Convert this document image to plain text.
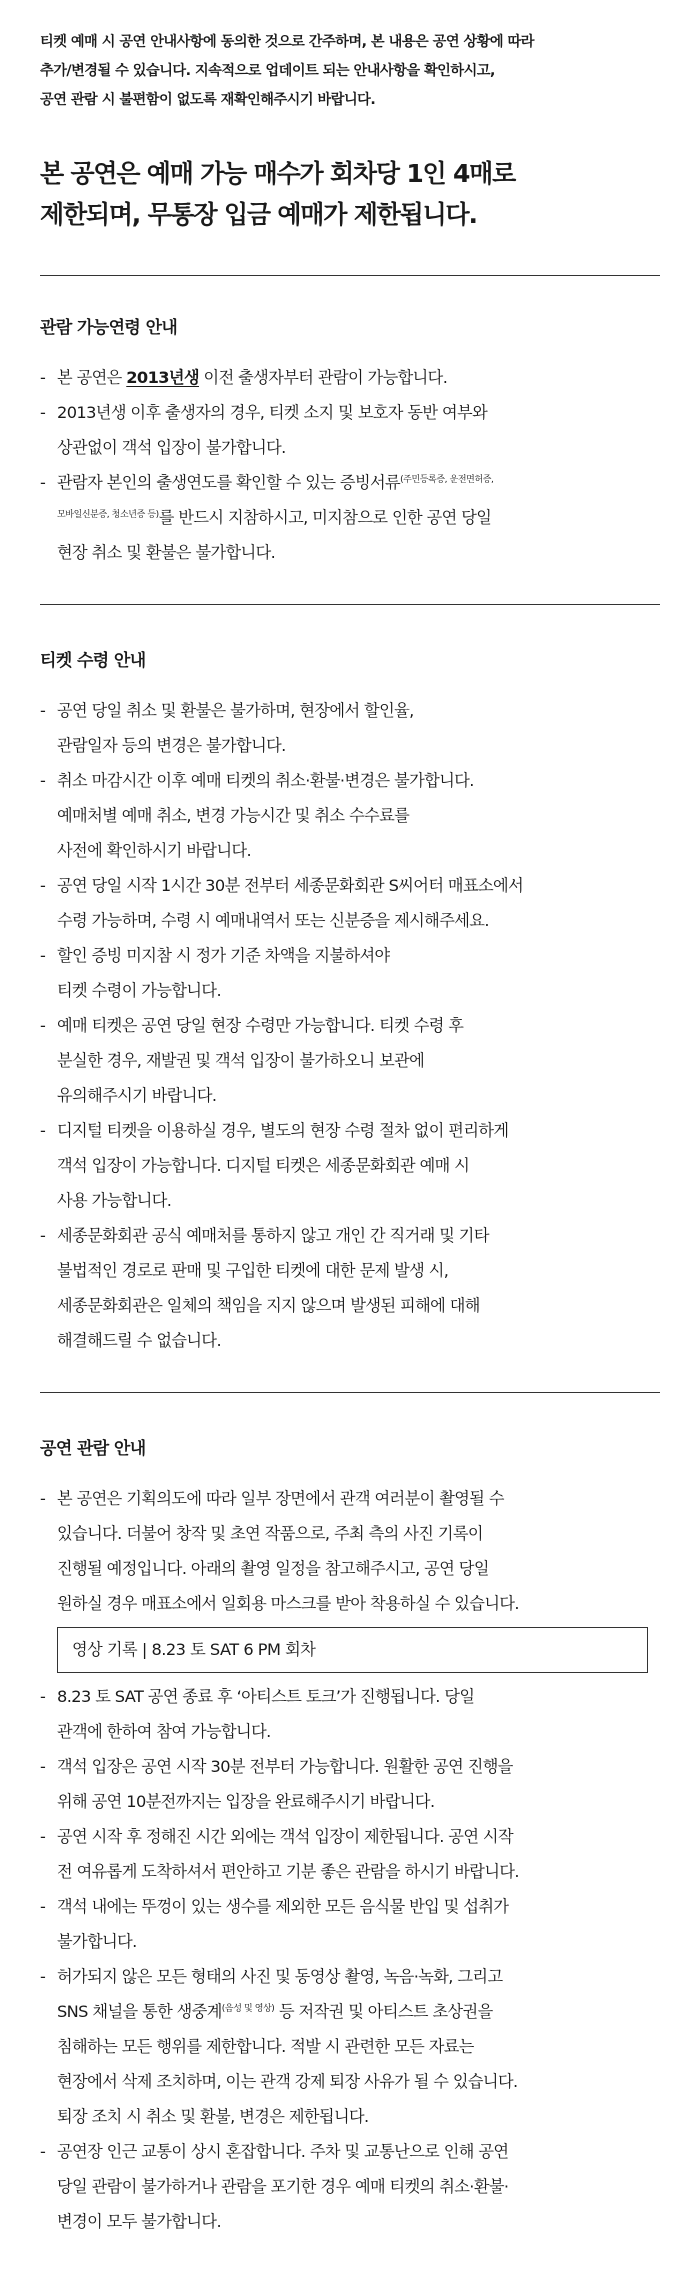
티켓 예매 시 공연 안내사항에 동의한 것으로 간주하며, 본 내용은 공연 상황에 따라

추가/변경될 수 있습니다. 지속적으로 업데이트 되는 안내사항을 확인하시고,

공연 관람 시 불편함이 없도록 재확인해주시기 바랍니다.

본 공연은 예매 가능 매수가 회차당 1인 4매로

제한되며, 무통장 입금 예매가 제한됩니다.

관람 가능연령 안내
- 본 공연은 2013년생 이전 출생자부터 관람이 가능합니다.
- 2013년생 이후 출생자의 경우, 티켓 소지 및 보호자 동반 여부와
상관없이 객석 입장이 불가합니다.
- 관람자 본인의 출생연도를 확인할 수 있는 증빙서류$^{(주민등록증, 운전면허증,}$
$^{모바일신분증, 청소년증 등)}$를 반드시 지참하시고, 미지참으로 인한 공연 당일
현장 취소 및 환불은 불가합니다.
티켓 수령 안내
- 공연 당일 취소 및 환불은 불가하며, 현장에서 할인율,
관람일자 등의 변경은 불가합니다.
- 취소 마감시간 이후 예매 티켓의 취소·환불·변경은 불가합니다.
예매처별 예매 취소, 변경 가능시간 및 취소 수수료를
사전에 확인하시기 바랍니다.
- 공연 당일 시작 1시간 30분 전부터 세종문화회관 S씨어터 매표소에서
수령 가능하며, 수령 시 예매내역서 또는 신분증을 제시해주세요.
- 할인 증빙 미지참 시 정가 기준 차액을 지불하셔야
티켓 수령이 가능합니다.
- 예매 티켓은 공연 당일 현장 수령만 가능합니다. 티켓 수령 후
분실한 경우, 재발권 및 객석 입장이 불가하오니 보관에
유의해주시기 바랍니다.
- 디지털 티켓을 이용하실 경우, 별도의 현장 수령 절차 없이 편리하게
객석 입장이 가능합니다. 디지털 티켓은 세종문화회관 예매 시
사용 가능합니다.
- 세종문화회관 공식 예매처를 통하지 않고 개인 간 직거래 및 기타
불법적인 경로로 판매 및 구입한 티켓에 대한 문제 발생 시,
세종문화회관은 일체의 책임을 지지 않으며 발생된 피해에 대해
해결해드릴 수 없습니다.
공연 관람 안내
- 본 공연은 기획의도에 따라 일부 장면에서 관객 여러분이 촬영될 수
있습니다. 더불어 창작 및 초연 작품으로, 주최 측의 사진 기록이
진행될 예정입니다. 아래의 촬영 일정을 참고해주시고, 공연 당일
원하실 경우 매표소에서 일회용 마스크를 받아 착용하실 수 있습니다.
영상 기록 | 8.23 토 SAT 6 PM 회차
- 8.23 토 SAT 공연 종료 후 ‘아티스트 토크’가 진행됩니다. 당일
관객에 한하여 참여 가능합니다.
- 객석 입장은 공연 시작 30분 전부터 가능합니다. 원활한 공연 진행을
위해 공연 10분전까지는 입장을 완료해주시기 바랍니다.
- 공연 시작 후 정해진 시간 외에는 객석 입장이 제한됩니다. 공연 시작
전 여유롭게 도착하셔서 편안하고 기분 좋은 관람을 하시기 바랍니다.
- 객석 내에는 뚜껑이 있는 생수를 제외한 모든 음식물 반입 및 섭취가
불가합니다.
- 허가되지 않은 모든 형태의 사진 및 동영상 촬영, 녹음·녹화, 그리고
SNS 채널을 통한 생중계$^{(음성 및 영상)}$ 등 저작권 및 아티스트 초상권을
침해하는 모든 행위를 제한합니다. 적발 시 관련한 모든 자료는
현장에서 삭제 조치하며, 이는 관객 강제 퇴장 사유가 될 수 있습니다.
퇴장 조치 시 취소 및 환불, 변경은 제한됩니다.
- 공연장 인근 교통이 상시 혼잡합니다. 주차 및 교통난으로 인해 공연
당일 관람이 불가하거나 관람을 포기한 경우 예매 티켓의 취소·환불·
변경이 모두 불가합니다.
